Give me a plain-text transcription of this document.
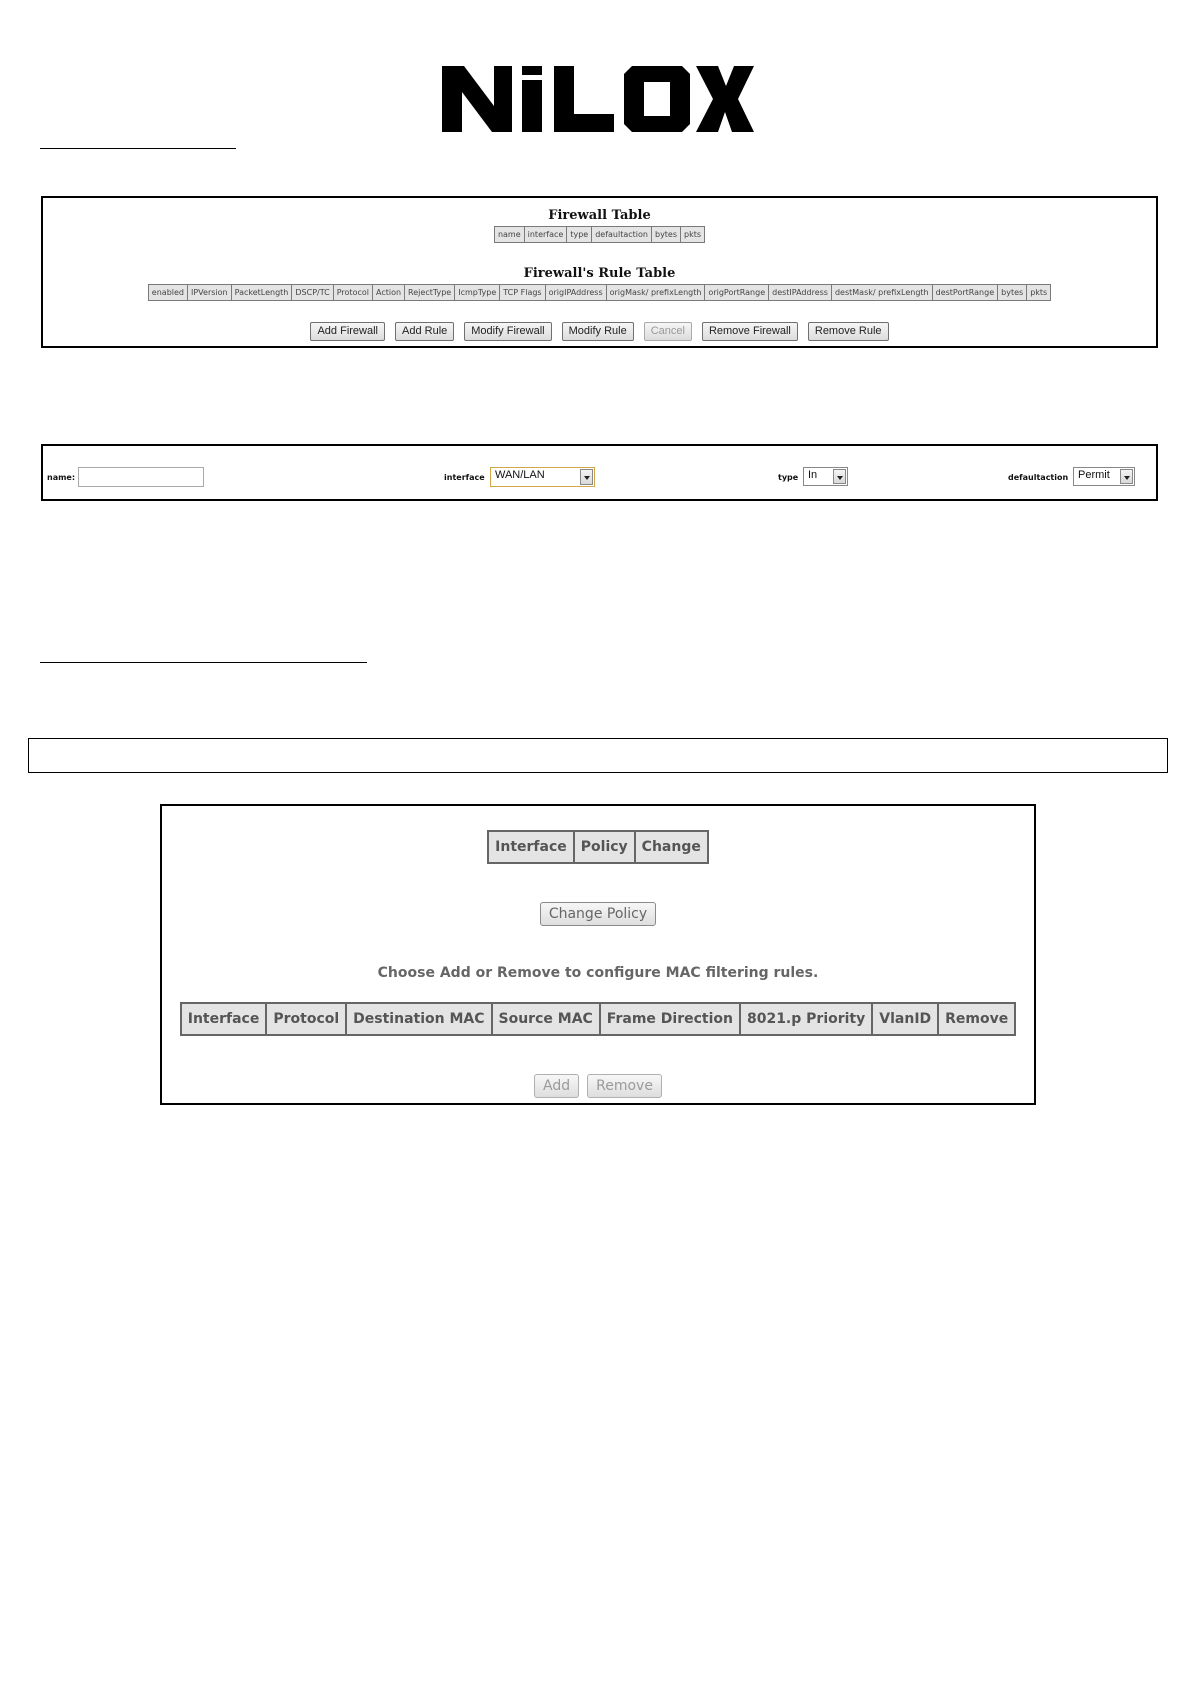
Firewall Table
name	interface	type	defaultaction	bytes	pkts
Firewall's Rule Table
enabled	IPVersion	PacketLength	DSCP/TC	Protocol	Action	RejectType	IcmpType	TCP Flags	origIPAddress	origMask/ prefixLength	origPortRange	destIPAddress	destMask/ prefixLength	destPortRange	bytes	pkts
Add Firewall	Add Rule	Modify Firewall	Modify Rule	Cancel	Remove Firewall	Remove Rule
name:	interface WAN/LAN	type In	defaultaction Permit
Interface	Policy	Change
Change Policy
Choose Add or Remove to configure MAC filtering rules.
Interface	Protocol	Destination MAC	Source MAC	Frame Direction	8021.p Priority	VlanID	Remove
Add	Remove
